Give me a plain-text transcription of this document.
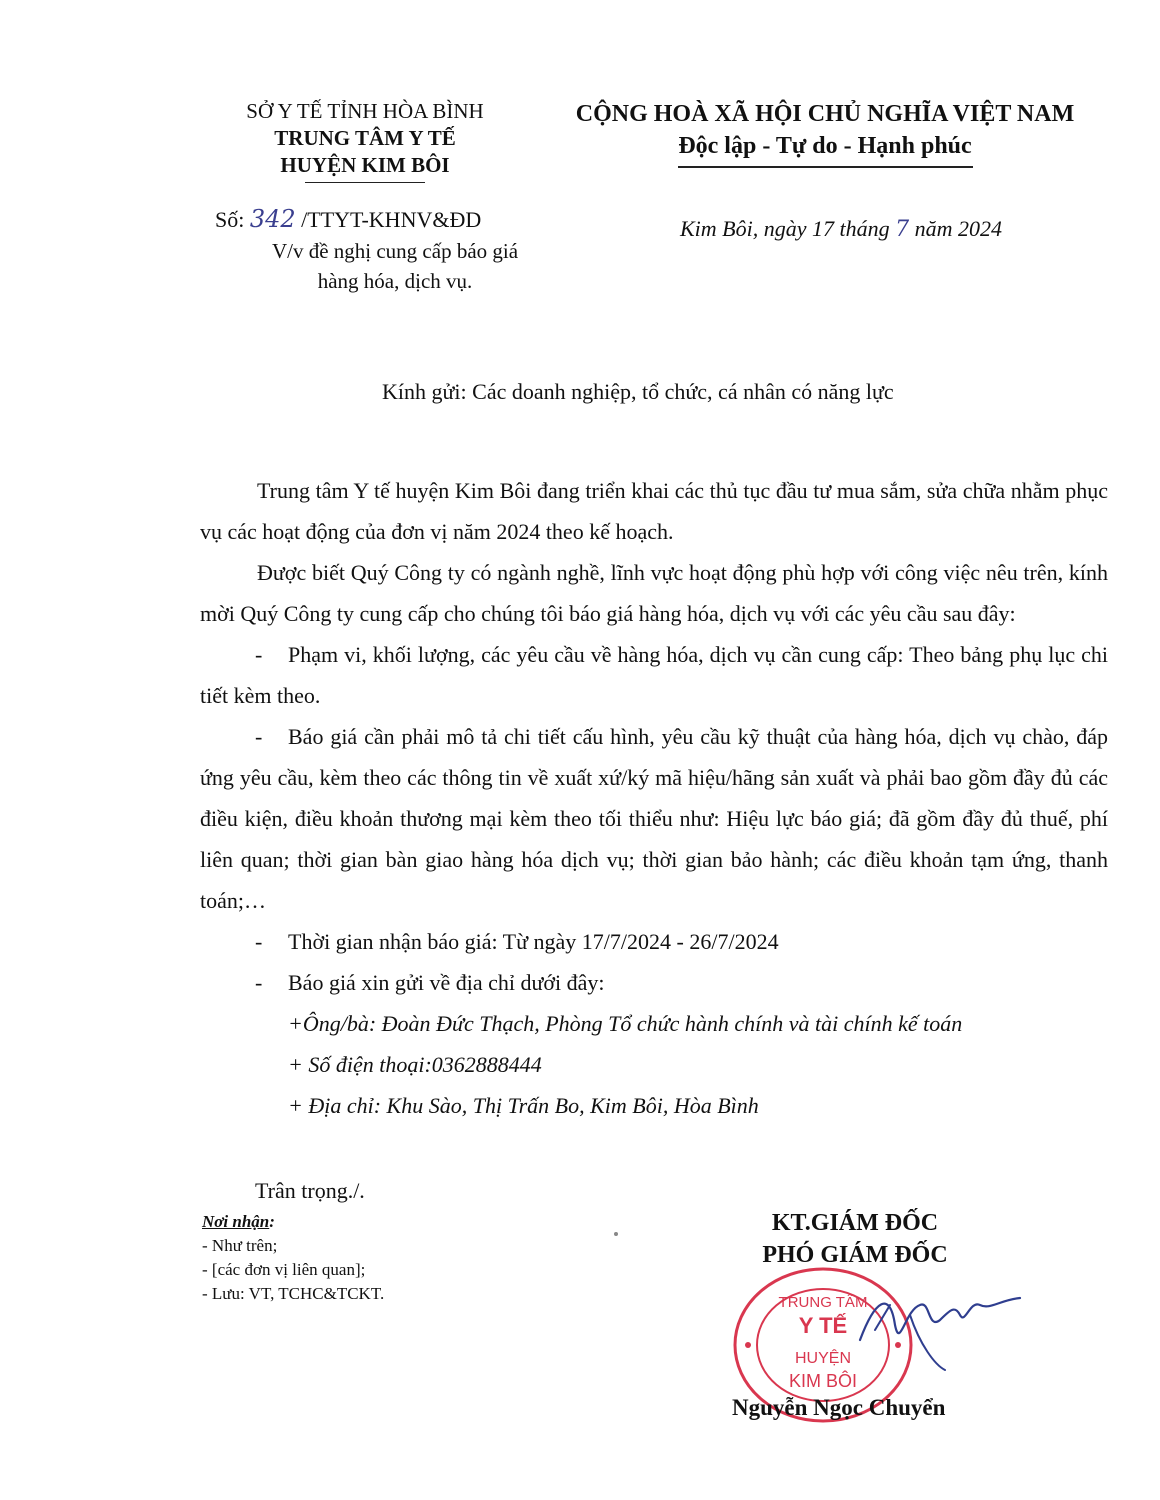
SỞ Y TẾ TỈNH HÒA BÌNH
TRUNG TÂM Y TẾ
HUYỆN KIM BÔI
CỘNG HOÀ XÃ HỘI CHỦ NGHĨA VIỆT NAM
Độc lập - Tự do - Hạnh phúc
Số: 342 /TTYT-KHNV&ĐD
V/v đề nghị cung cấp báo giá
hàng hóa, dịch vụ.
Kim Bôi, ngày 17 tháng 7 năm 2024
Kính gửi: Các doanh nghiệp, tổ chức, cá nhân có năng lực

Trung tâm Y tế huyện Kim Bôi đang triển khai các thủ tục đầu tư mua sắm, sửa chữa nhằm phục vụ các hoạt động của đơn vị năm 2024 theo kế hoạch.

Được biết Quý Công ty có ngành nghề, lĩnh vực hoạt động phù hợp với công việc nêu trên, kính mời Quý Công ty cung cấp cho chúng tôi báo giá hàng hóa, dịch vụ với các yêu cầu sau đây:

- Phạm vi, khối lượng, các yêu cầu về hàng hóa, dịch vụ cần cung cấp: Theo bảng phụ lục chi tiết kèm theo.

- Báo giá cần phải mô tả chi tiết cấu hình, yêu cầu kỹ thuật của hàng hóa, dịch vụ chào, đáp ứng yêu cầu, kèm theo các thông tin về xuất xứ/ký mã hiệu/hãng sản xuất và phải bao gồm đầy đủ các điều kiện, điều khoản thương mại kèm theo tối thiểu như: Hiệu lực báo giá; đã gồm đầy đủ thuế, phí liên quan; thời gian bàn giao hàng hóa dịch vụ; thời gian bảo hành; các điều khoản tạm ứng, thanh toán;…

- Thời gian nhận báo giá: Từ ngày 17/7/2024 - 26/7/2024

- Báo giá xin gửi về địa chỉ dưới đây:

+Ông/bà: Đoàn Đức Thạch, Phòng Tổ chức hành chính và tài chính kế toán

+ Số điện thoại:0362888444

+ Địa chỉ: Khu Sào, Thị Trấn Bo, Kim Bôi, Hòa Bình

Trân trọng./.
Nơi nhận:
- Như trên;
- [các đơn vị liên quan];
- Lưu: VT, TCHC&TCKT.
KT.GIÁM ĐỐC
PHÓ GIÁM ĐỐC
TRUNG TÂM
Y TẾ
HUYỆN
KIM BÔI
Nguyễn Ngọc Chuyển
